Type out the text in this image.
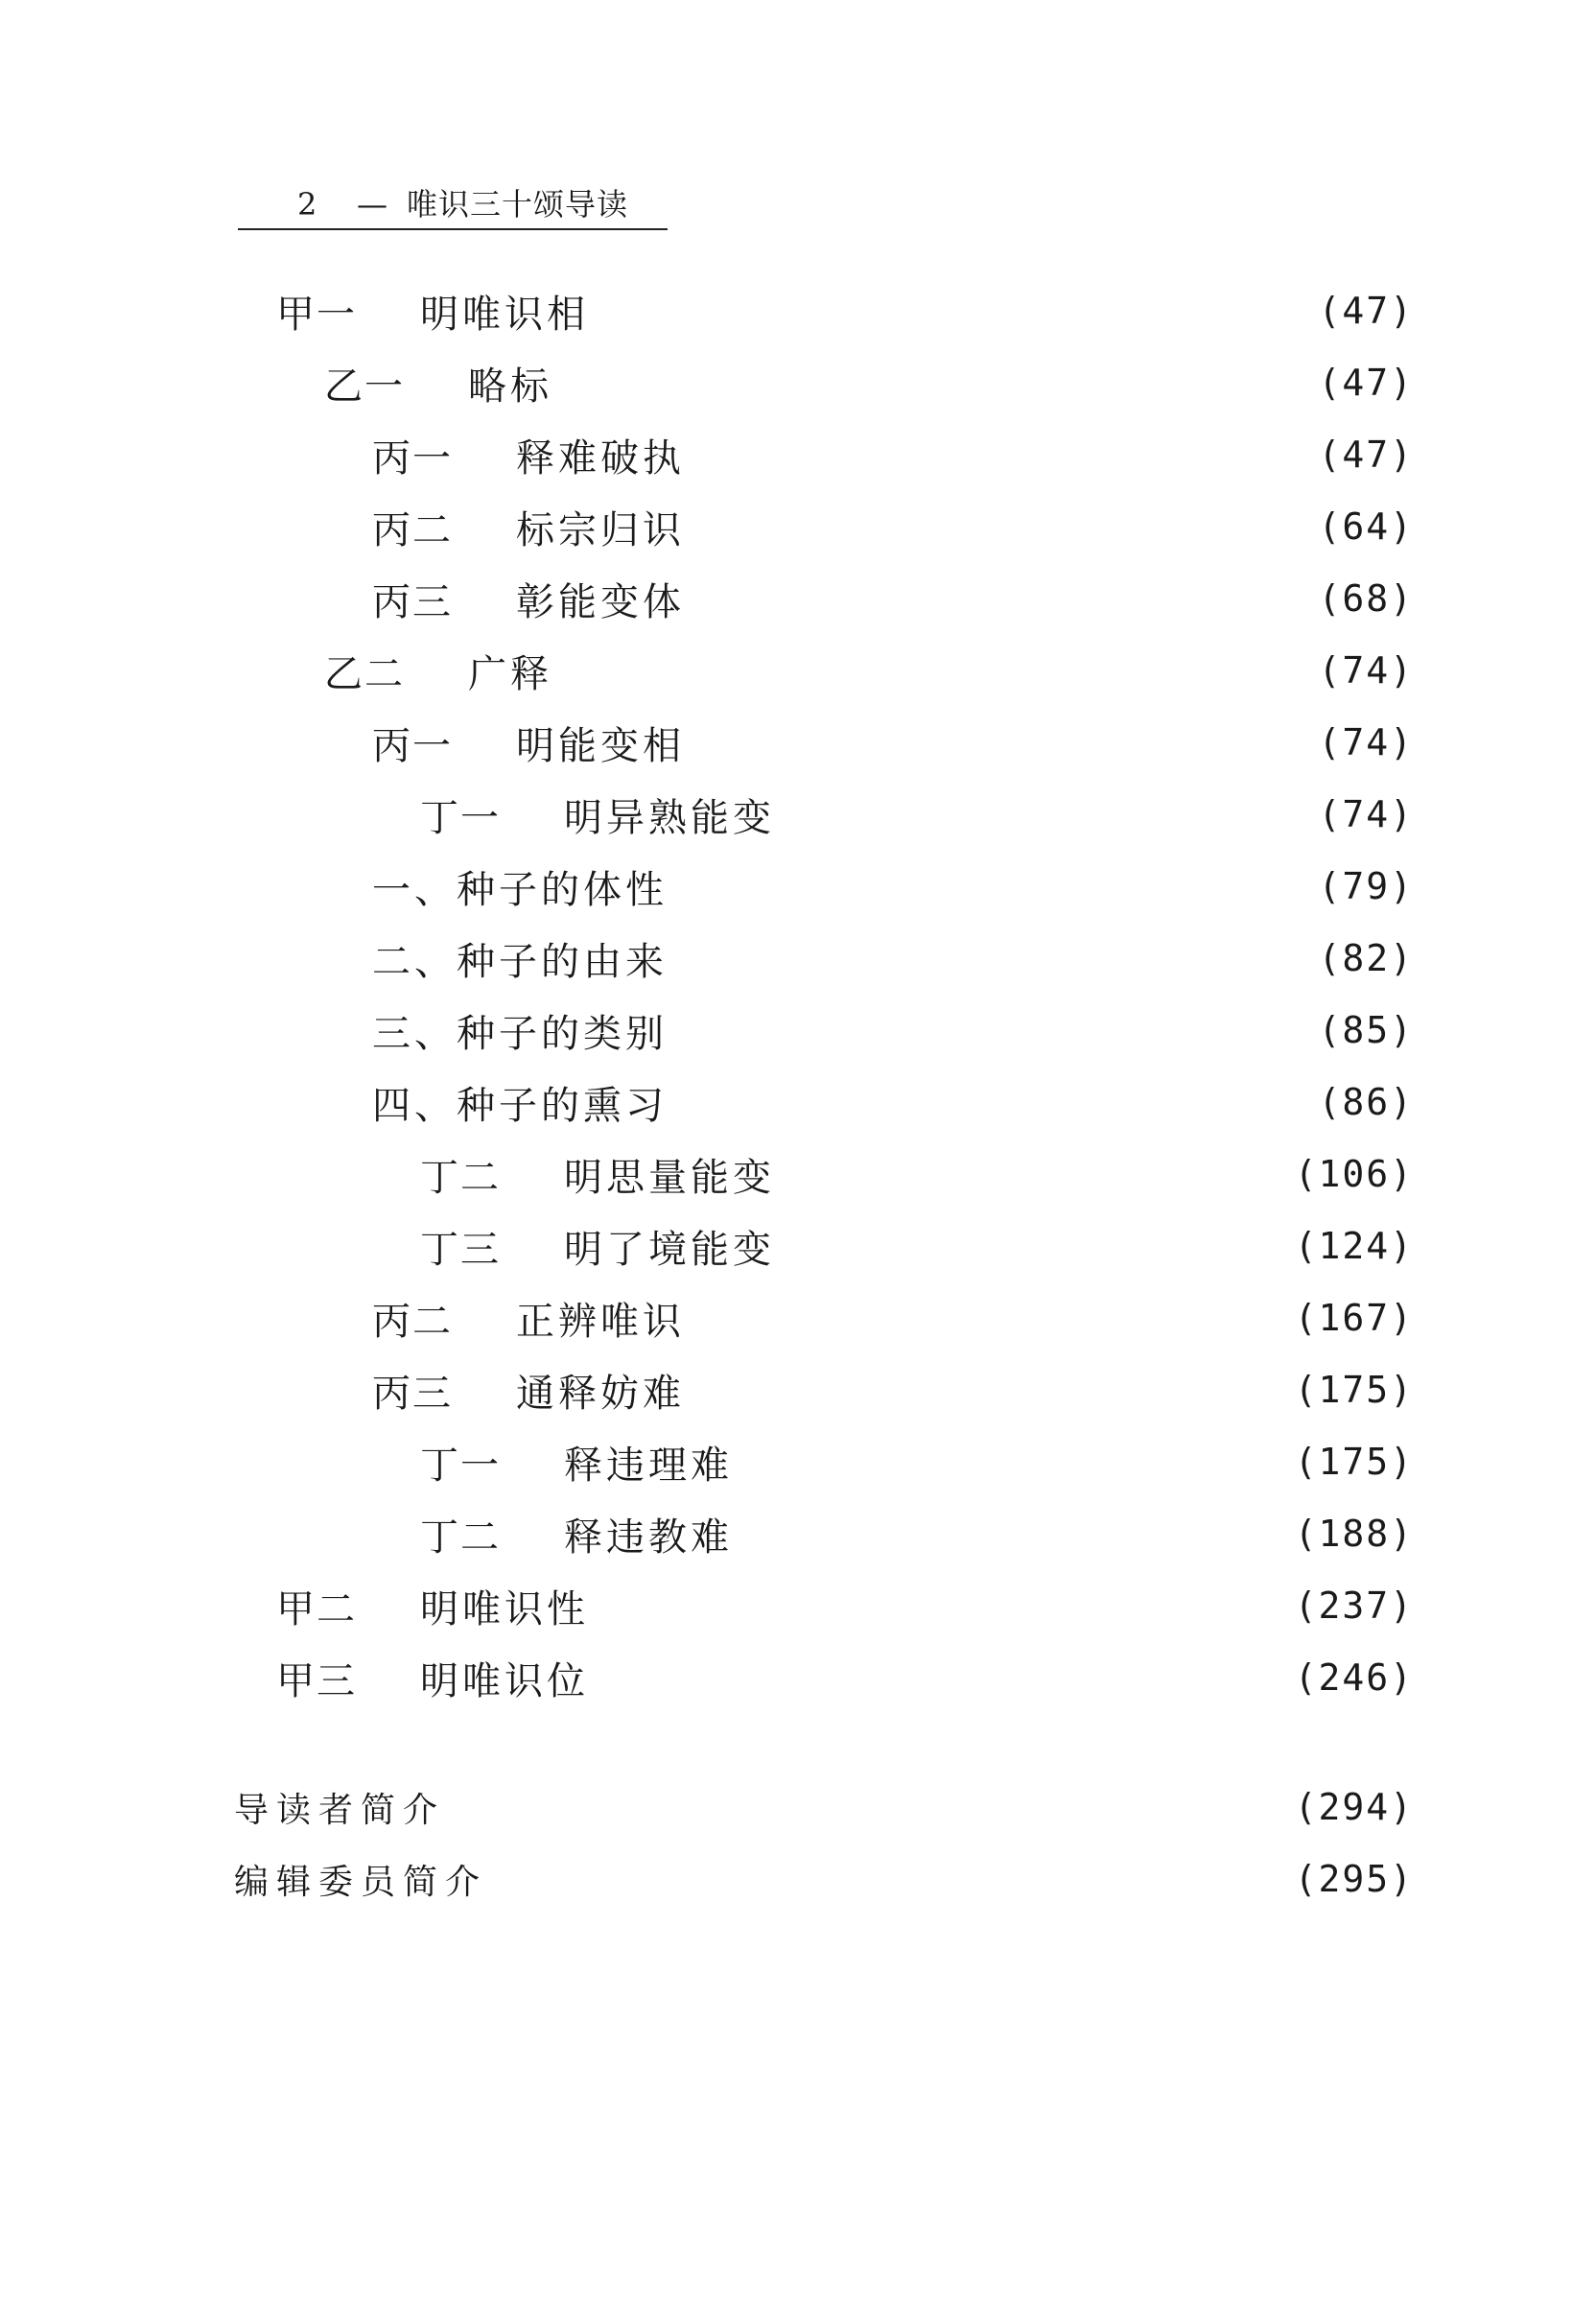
2 — 唯识三十颂导读
甲一	明唯识相	(47)
乙一	略标	(47)
丙一	释难破执	(47)
丙二	标宗归识	(64)
丙三	彰能变体	(68)
乙二	广释	(74)
丙一	明能变相	(74)
丁一	明异熟能变	(74)
一、种子的体性	(79)
二、种子的由来	(82)
三、种子的类别	(85)
四、种子的熏习	(86)
丁二	明思量能变	(106)
丁三	明了境能变	(124)
丙二	正辨唯识	(167)
丙三	通释妨难	(175)
丁一	释违理难	(175)
丁二	释违教难	(188)
甲二	明唯识性	(237)
甲三	明唯识位	(246)
导读者简介	(294)
编辑委员简介	(295)
